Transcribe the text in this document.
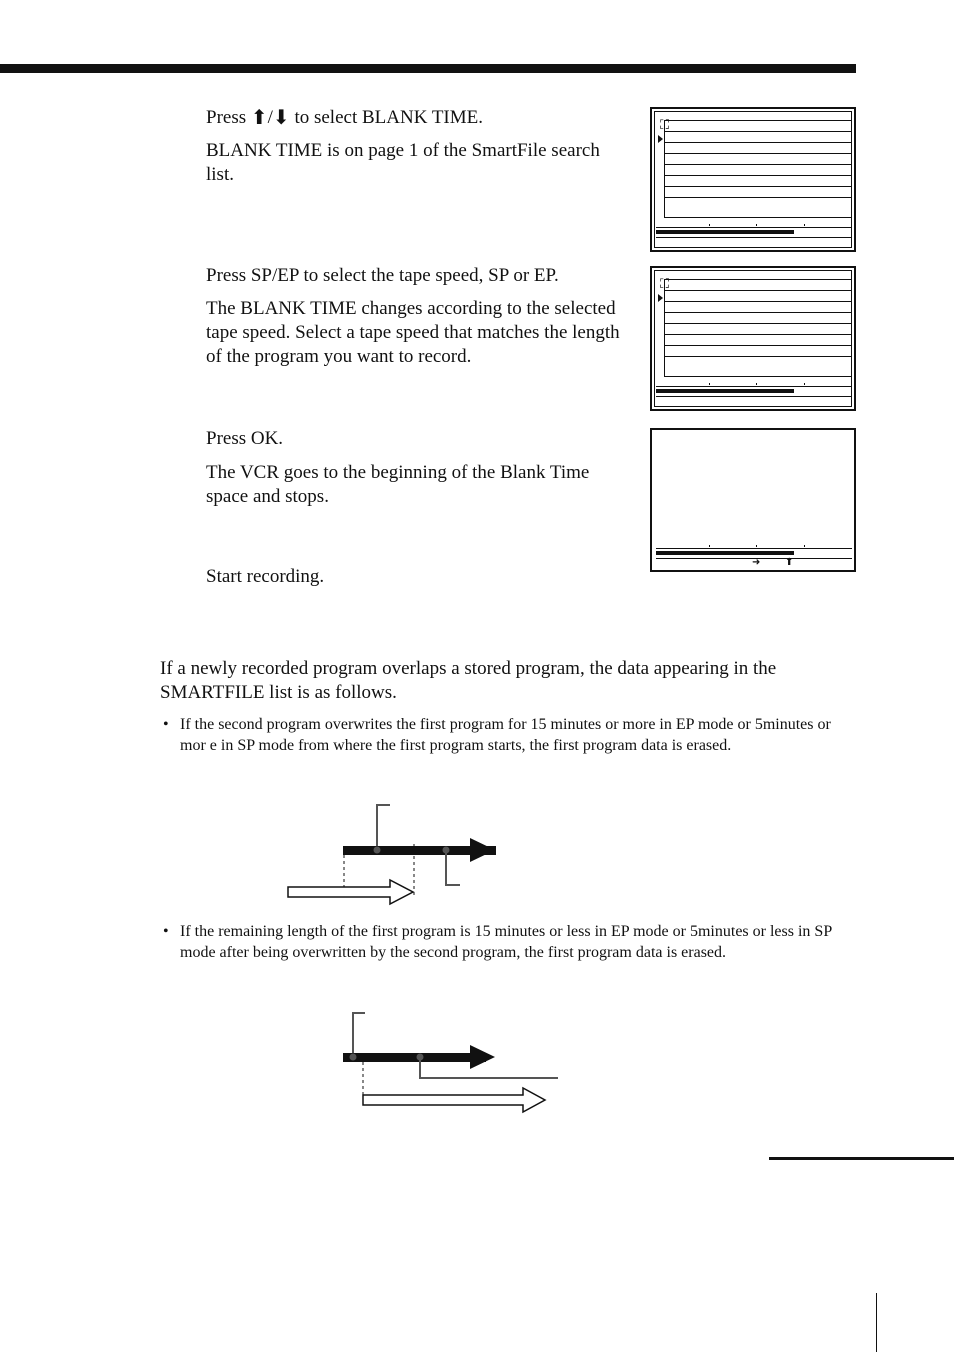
Press ⬆/⬇ to select BLANK TIME.
BLANK TIME is on page 1 of the SmartFile search list.
Press SP/EP to select the tape speed, SP or EP.
The BLANK TIME changes according to the selected tape speed. Select a tape speed that matches the length of the program you want to record.
Press OK.
The VCR goes to the beginning of the Blank Time space and stops.
Start recording.
⛶
⛶
➜ ⬆
If a newly recorded program overlaps a stored program, the data appearing in the SMARTFILE list is as follows.
• If the second program overwrites the first program for 15 minutes or more in EP mode or 5minutes or mor e in SP mode from where the first program starts, the first program data is erased.
• If the remaining length of the first program is 15 minutes or less in EP mode or 5minutes or less in SP mode after being overwritten by the second program, the first program data is erased.
